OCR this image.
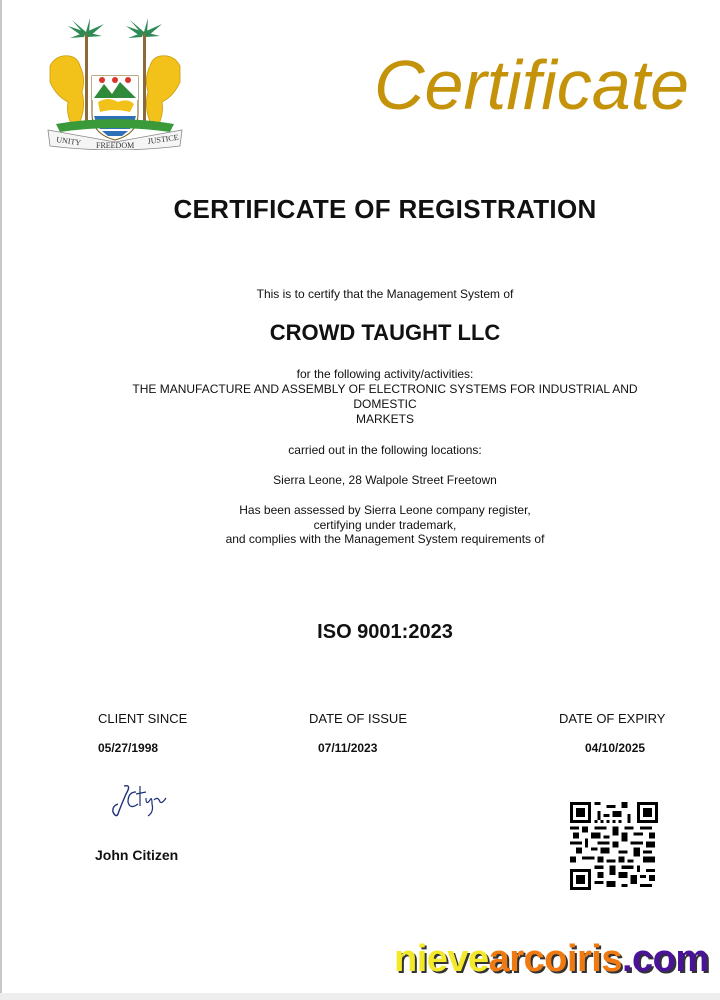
UNITY FREEDOM JUSTICE
Certificate
CERTIFICATE OF REGISTRATION
This is to certify that the Management System of
CROWD TAUGHT LLC
for the following activity/activities:
THE MANUFACTURE AND ASSEMBLY OF ELECTRONIC SYSTEMS FOR INDUSTRIAL AND
DOMESTIC
MARKETS
carried out in the following locations:
Sierra Leone, 28 Walpole Street Freetown
Has been assessed by Sierra Leone company register,
certifying under trademark,
and complies with the Management System requirements of
ISO 9001:2023
CLIENT SINCE	DATE OF ISSUE	DATE OF EXPIRY
05/27/1998	07/11/2023	04/10/2025
John Citizen
nievearcoiris.com
